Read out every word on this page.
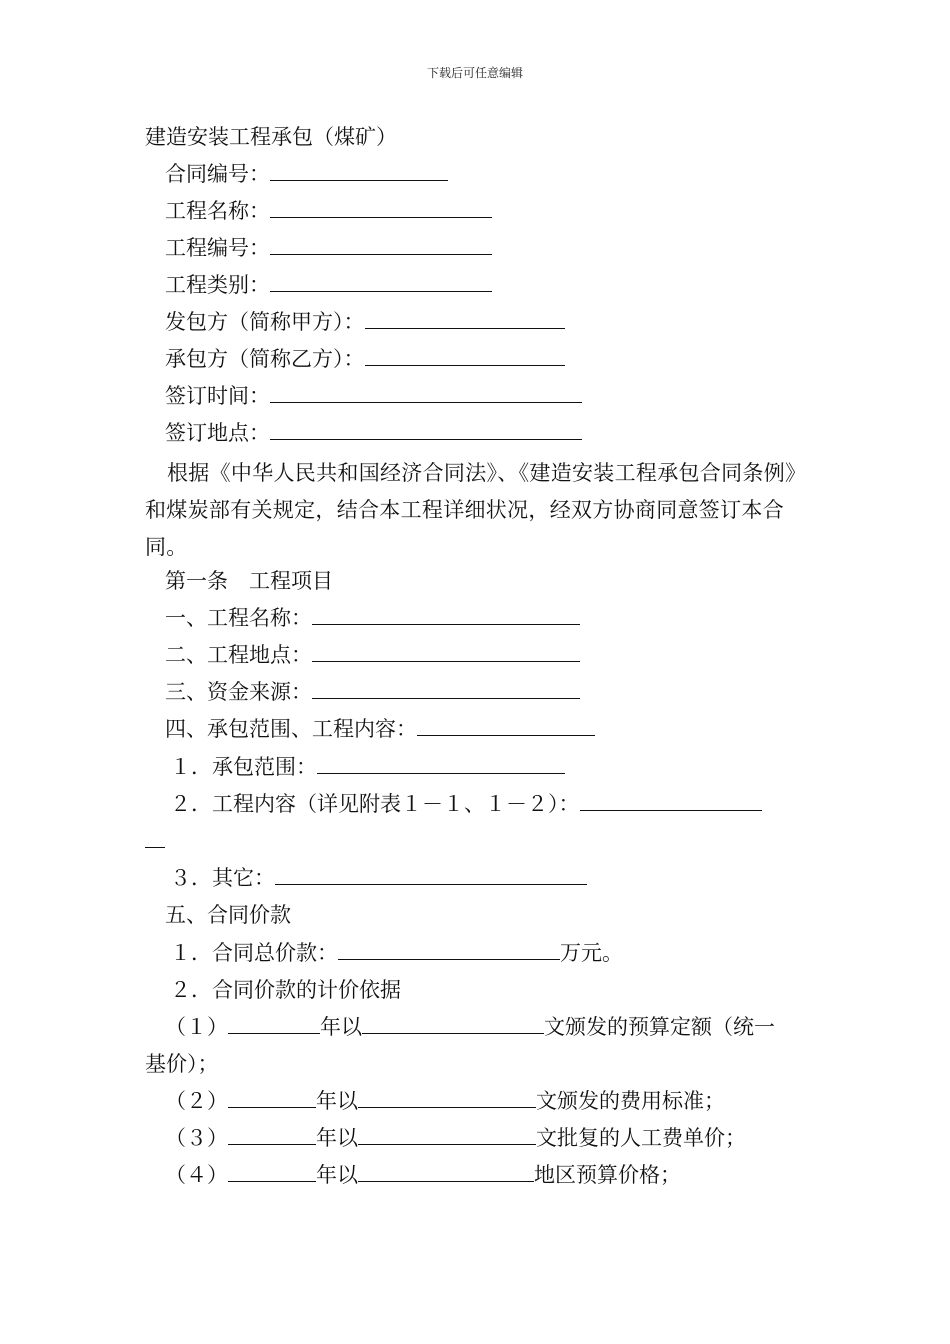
下载后可任意编辑
建造安装工程承包（煤矿）
合同编号：
工程名称：
工程编号：
工程类别：
发包方（简称甲方）：
承包方（简称乙方）：
签订时间：
签订地点：
根据《中华人民共和国经济合同法》、《建造安装工程承包合同条例》和煤炭部有关规定，结合本工程详细状况，经双方协商同意签订本合同。
第一条　工程项目
一、工程名称：
二、工程地点：
三、资金来源：
四、承包范围、工程内容：
１．承包范围：
２．工程内容（详见附表１－１、１－２）：
３．其它：
五、合同价款
１．合同总价款：	万元。
２．合同价款的计价依据
（１）	年以	文颁发的预算定额（统一
基价）；
（２）	年以	文颁发的费用标准；
（３）	年以	文批复的人工费单价；
（４）	年以	地区预算价格；
